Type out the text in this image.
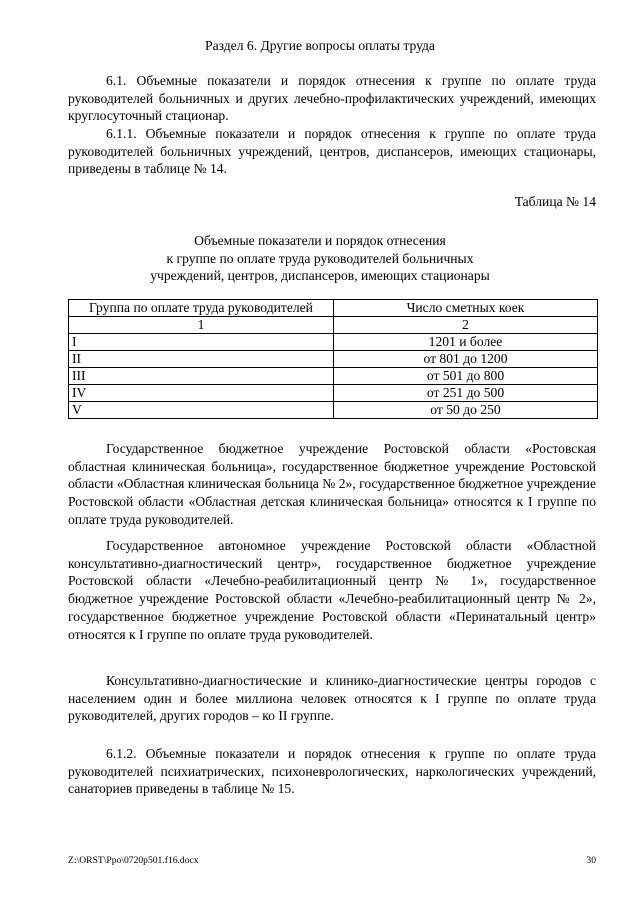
Раздел 6. Другие вопросы оплаты труда

6.1. Объемные показатели и порядок отнесения к группе по оплате труда руководителей больничных и других лечебно-профилактических учреждений, имеющих круглосуточный стационар.

6.1.1. Объемные показатели и порядок отнесения к группе по оплате труда руководителей больничных учреждений, центров, диспансеров, имеющих стационары, приведены в таблице № 14.

Таблица № 14
Объемные показатели и порядок отнесения
к группе по оплате труда руководителей больничных
учреждений, центров, диспансеров, имеющих стационары
Группа по оплате труда руководителей	Число сметных коек
1	2
I	1201 и более
II	от 801 до 1200
III	от 501 до 800
IV	от 251 до 500
V	от 50 до 250

Государственное бюджетное учреждение Ростовской области «Ростовская областная клиническая больница», государственное бюджетное учреждение Ростовской области «Областная клиническая больница № 2», государственное бюджетное учреждение Ростовской области «Областная детская клиническая больница» относятся к I группе по оплате труда руководителей.

Государственное автономное учреждение Ростовской области «Областной консультативно-диагностический центр», государственное бюджетное учреждение Ростовской области «Лечебно-реабилитационный центр № 1», государственное бюджетное учреждение Ростовской области «Лечебно-реабилитационный центр № 2», государственное бюджетное учреждение Ростовской области «Перинатальный центр» относятся к I группе по оплате труда руководителей.

Консультативно-диагностические и клинико-диагностические центры городов с населением один и более миллиона человек относятся к I группе по оплате труда руководителей, других городов – ко II группе.

6.1.2. Объемные показатели и порядок отнесения к группе по оплате труда руководителей психиатрических, психоневрологических, наркологических учреждений, санаториев приведены в таблице № 15.

Z:\ORST\Ppo\0720p501.f16.docx	30
